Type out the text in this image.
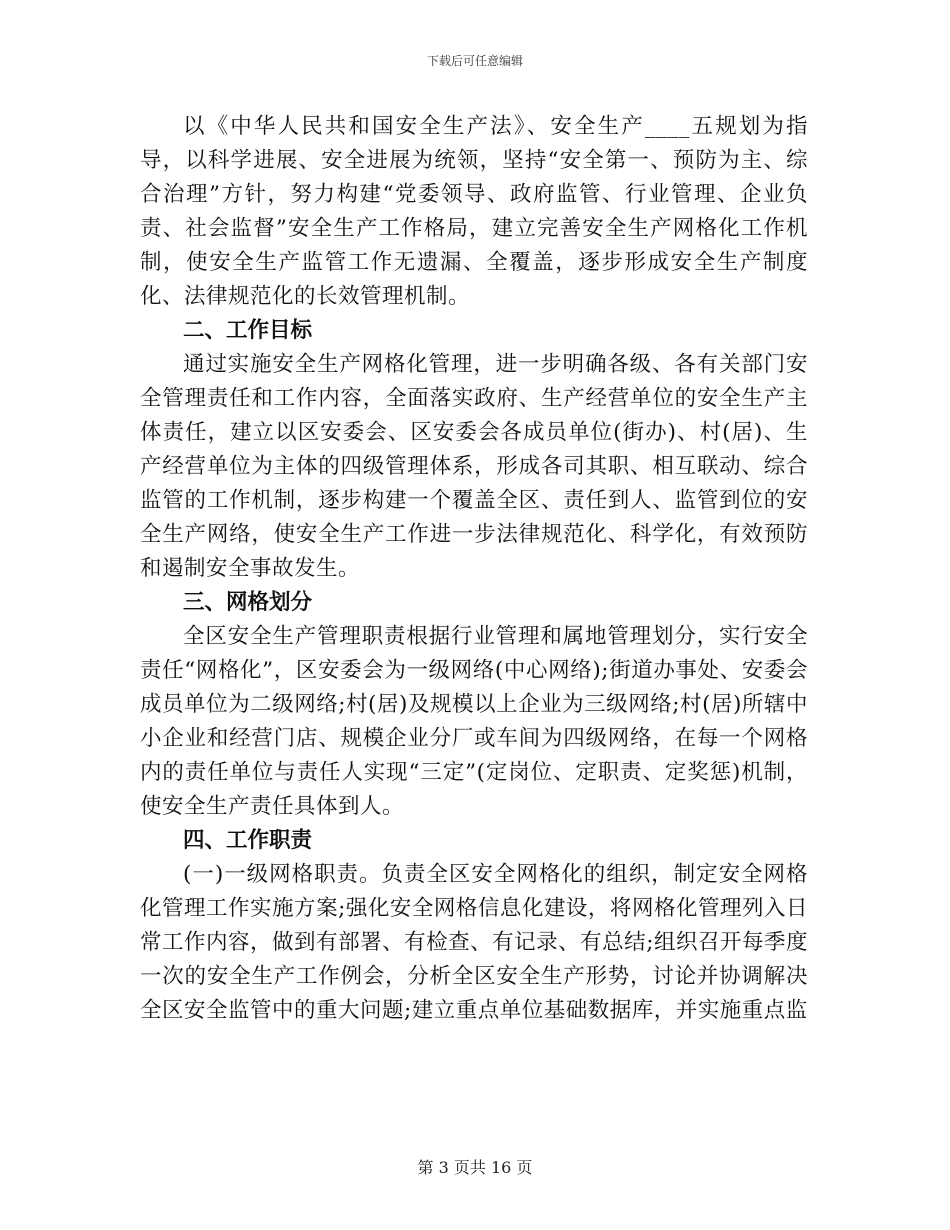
下载后可任意编辑

以《中华人民共和国安全生产法》、安全生产____五规划为指导，以科学进展、安全进展为统领，坚持“安全第一、预防为主、综合治理”方针，努力构建“党委领导、政府监管、行业管理、企业负责、社会监督”安全生产工作格局，建立完善安全生产网格化工作机制，使安全生产监管工作无遗漏、全覆盖，逐步形成安全生产制度化、法律规范化的长效管理机制。

二、工作目标

通过实施安全生产网格化管理，进一步明确各级、各有关部门安全管理责任和工作内容，全面落实政府、生产经营单位的安全生产主体责任，建立以区安委会、区安委会各成员单位(街办)、村(居)、生产经营单位为主体的四级管理体系，形成各司其职、相互联动、综合监管的工作机制，逐步构建一个覆盖全区、责任到人、监管到位的安全生产网络，使安全生产工作进一步法律规范化、科学化，有效预防和遏制安全事故发生。

三、网格划分

全区安全生产管理职责根据行业管理和属地管理划分，实行安全责任“网格化”，区安委会为一级网络(中心网络);街道办事处、安委会成员单位为二级网络;村(居)及规模以上企业为三级网络;村(居)所辖中小企业和经营门店、规模企业分厂或车间为四级网络，在每一个网格内的责任单位与责任人实现“三定”(定岗位、定职责、定奖惩)机制，使安全生产责任具体到人。

四、工作职责

(一)一级网格职责。负责全区安全网格化的组织，制定安全网格化管理工作实施方案;强化安全网格信息化建设，将网格化管理列入日常工作内容，做到有部署、有检查、有记录、有总结;组织召开每季度一次的安全生产工作例会，分析全区安全生产形势，讨论并协调解决全区安全监管中的重大问题;建立重点单位基础数据库，并实施重点监

第 3 页共 16 页
